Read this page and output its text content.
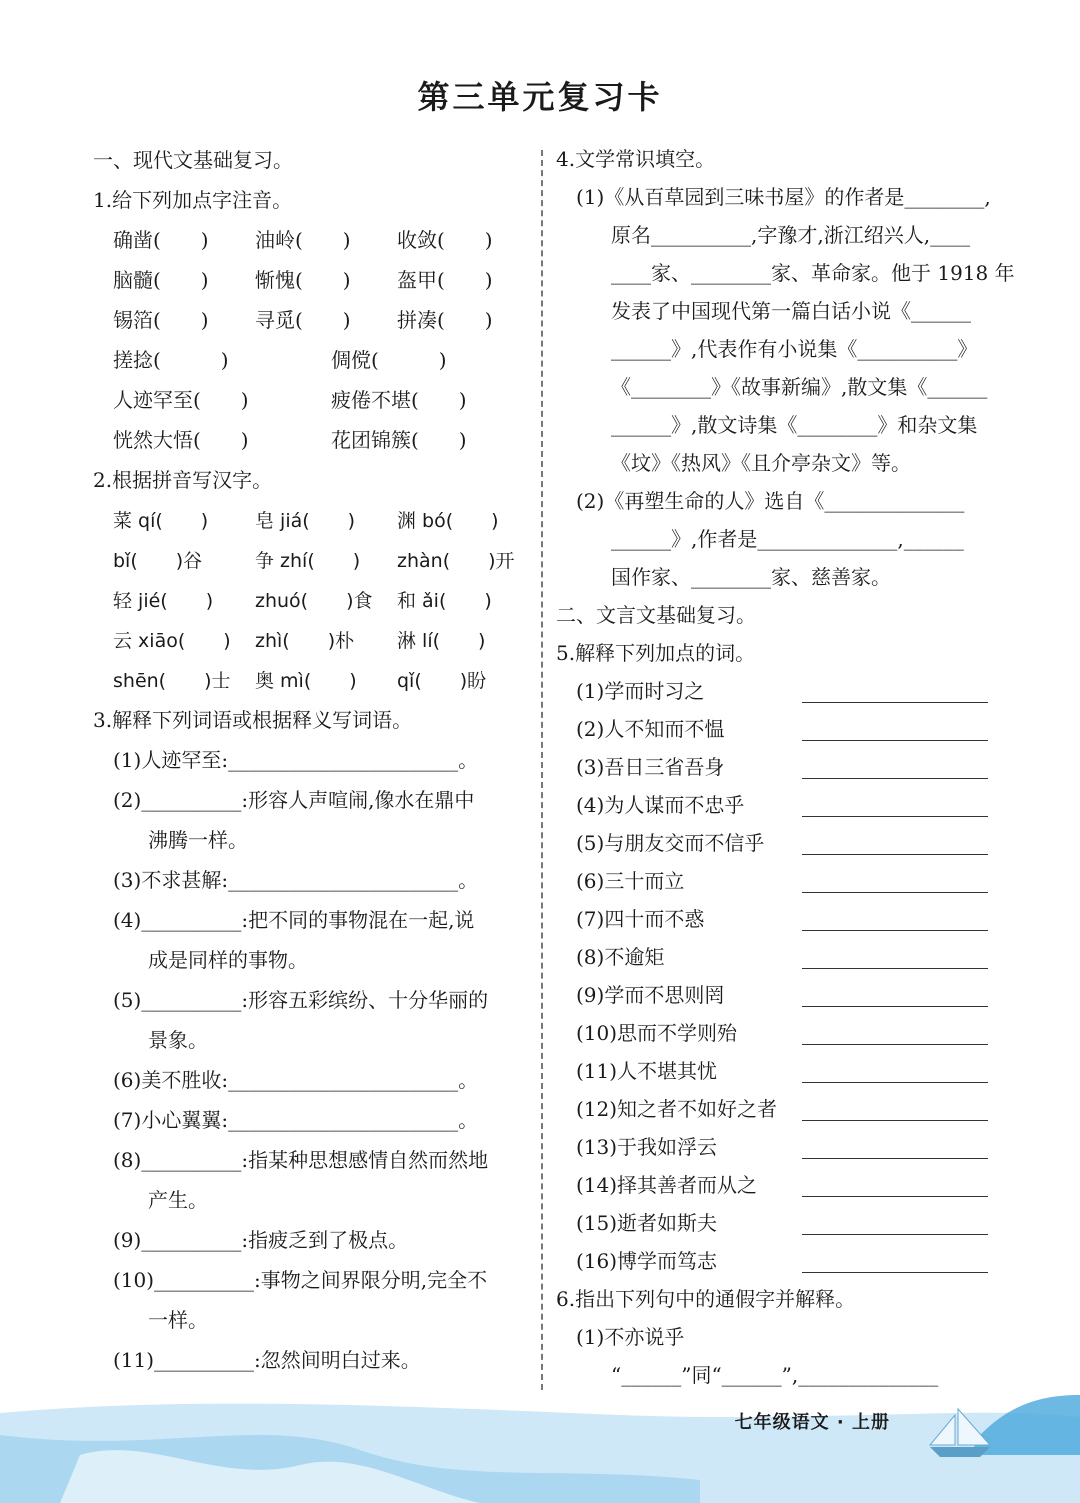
第三单元复习卡
一、现代文基础复习。
1.给下列加点字注音。
确凿(　　) 油岭(　　) 收敛(　　)
脑髓(　　) 惭愧(　　) 盔甲(　　)
锡箔(　　) 寻觅(　　) 拼凑(　　)
搓捻(　　　)	倜傥(　　　)
人迹罕至(　　)	疲倦不堪(　　)
恍然大悟(　　)	花团锦簇(　　)
2.根据拼音写汉字。
菜 qí(　　) 皂 jiá(　　) 渊 bó(　　)
bǐ(　　)谷	争 zhí(　　) zhàn(　　)开
轻 jié(　　) zhuó(　　)食 和 ǎi(　　)
云 xiāo(　　) zhì(　　)朴 淋 lí(　　)
shēn(　　)士 奥 mì(　　) qǐ(　　)盼
3.解释下列词语或根据释义写词语。
(1)人迹罕至:_______________________。
(2)__________:形容人声喧闹,像水在鼎中
沸腾一样。
(3)不求甚解:_______________________。
(4)__________:把不同的事物混在一起,说
成是同样的事物。
(5)__________:形容五彩缤纷、十分华丽的
景象。
(6)美不胜收:_______________________。
(7)小心翼翼:_______________________。
(8)__________:指某种思想感情自然而然地
产生。
(9)__________:指疲乏到了极点。
(10)__________:事物之间界限分明,完全不
一样。
(11)__________:忽然间明白过来。
4.文学常识填空。
(1)《从百草园到三味书屋》的作者是________,
原名__________,字豫才,浙江绍兴人,____
____家、________家、革命家。他于 1918 年
发表了中国现代第一篇白话小说《______
______》,代表作有小说集《__________》
《________》《故事新编》,散文集《______
______》,散文诗集《________》和杂文集
《坟》《热风》《且介亭杂文》等。
(2)《再塑生命的人》选自《______________
______》,作者是______________,______
国作家、________家、慈善家。
二、文言文基础复习。
5.解释下列加点的词。
(1)学而时习之
(2)人不知而不愠
(3)吾日三省吾身
(4)为人谋而不忠乎
(5)与朋友交而不信乎
(6)三十而立
(7)四十而不惑
(8)不逾矩
(9)学而不思则罔
(10)思而不学则殆
(11)人不堪其忧
(12)知之者不如好之者
(13)于我如浮云
(14)择其善者而从之
(15)逝者如斯夫
(16)博学而笃志
6.指出下列句中的通假字并解释。
(1)不亦说乎
“______”同“______”,______________
七年级语文 · 上册
